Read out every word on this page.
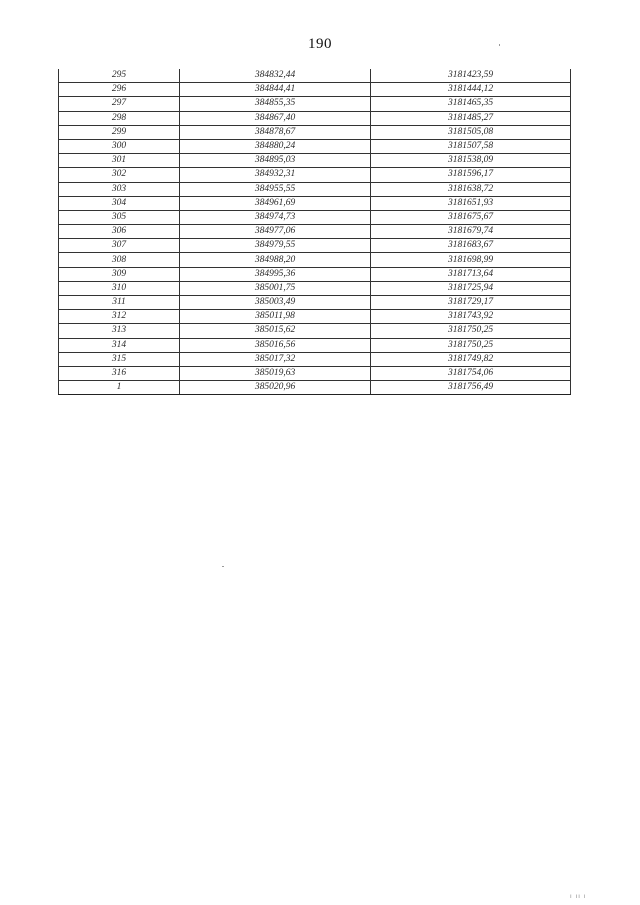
190
295	384832,44	3181423,59
296	384844,41	3181444,12
297	384855,35	3181465,35
298	384867,40	3181485,27
299	384878,67	3181505,08
300	384880,24	3181507,58
301	384895,03	3181538,09
302	384932,31	3181596,17
303	384955,55	3181638,72
304	384961,69	3181651,93
305	384974,73	3181675,67
306	384977,06	3181679,74
307	384979,55	3181683,67
308	384988,20	3181698,99
309	384995,36	3181713,64
310	385001,75	3181725,94
311	385003,49	3181729,17
312	385011,98	3181743,92
313	385015,62	3181750,25
314	385016,56	3181750,25
315	385017,32	3181749,82
316	385019,63	3181754,06
1	385020,96	3181756,49
ı ıı ı
